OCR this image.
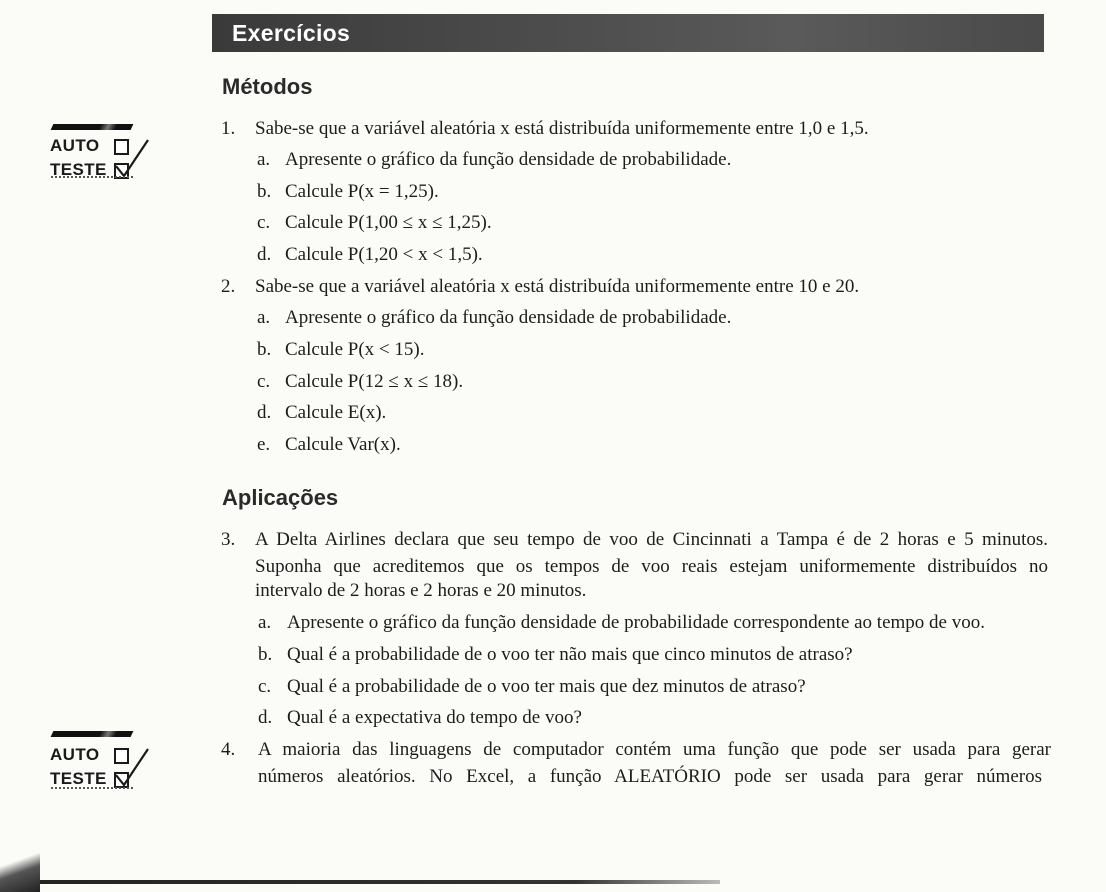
Exercícios
Métodos
Aplicações
AUTO
TESTE
AUTO
TESTE
1. Sabe-se que a variável aleatória x está distribuída uniformemente entre 1,0 e 1,5.
a. Apresente o gráfico da função densidade de probabilidade.
b. Calcule P(x = 1,25).
c. Calcule P(1,00 ≤ x ≤ 1,25).
d. Calcule P(1,20 < x < 1,5).
2. Sabe-se que a variável aleatória x está distribuída uniformemente entre 10 e 20.
a. Apresente o gráfico da função densidade de probabilidade.
b. Calcule P(x < 15).
c. Calcule P(12 ≤ x ≤ 18).
d. Calcule E(x).
e. Calcule Var(x).
3. A Delta Airlines declara que seu tempo de voo de Cincinnati a Tampa é de 2 horas e 5 minutos.
Suponha que acreditemos que os tempos de voo reais estejam uniformemente distribuídos no
intervalo de 2 horas e 2 horas e 20 minutos.
a. Apresente o gráfico da função densidade de probabilidade correspondente ao tempo de voo.
b. Qual é a probabilidade de o voo ter não mais que cinco minutos de atraso?
c. Qual é a probabilidade de o voo ter mais que dez minutos de atraso?
d. Qual é a expectativa do tempo de voo?
4. A maioria das linguagens de computador contém uma função que pode ser usada para gerar
números aleatórios. No Excel, a função ALEATÓRIO pode ser usada para gerar números
